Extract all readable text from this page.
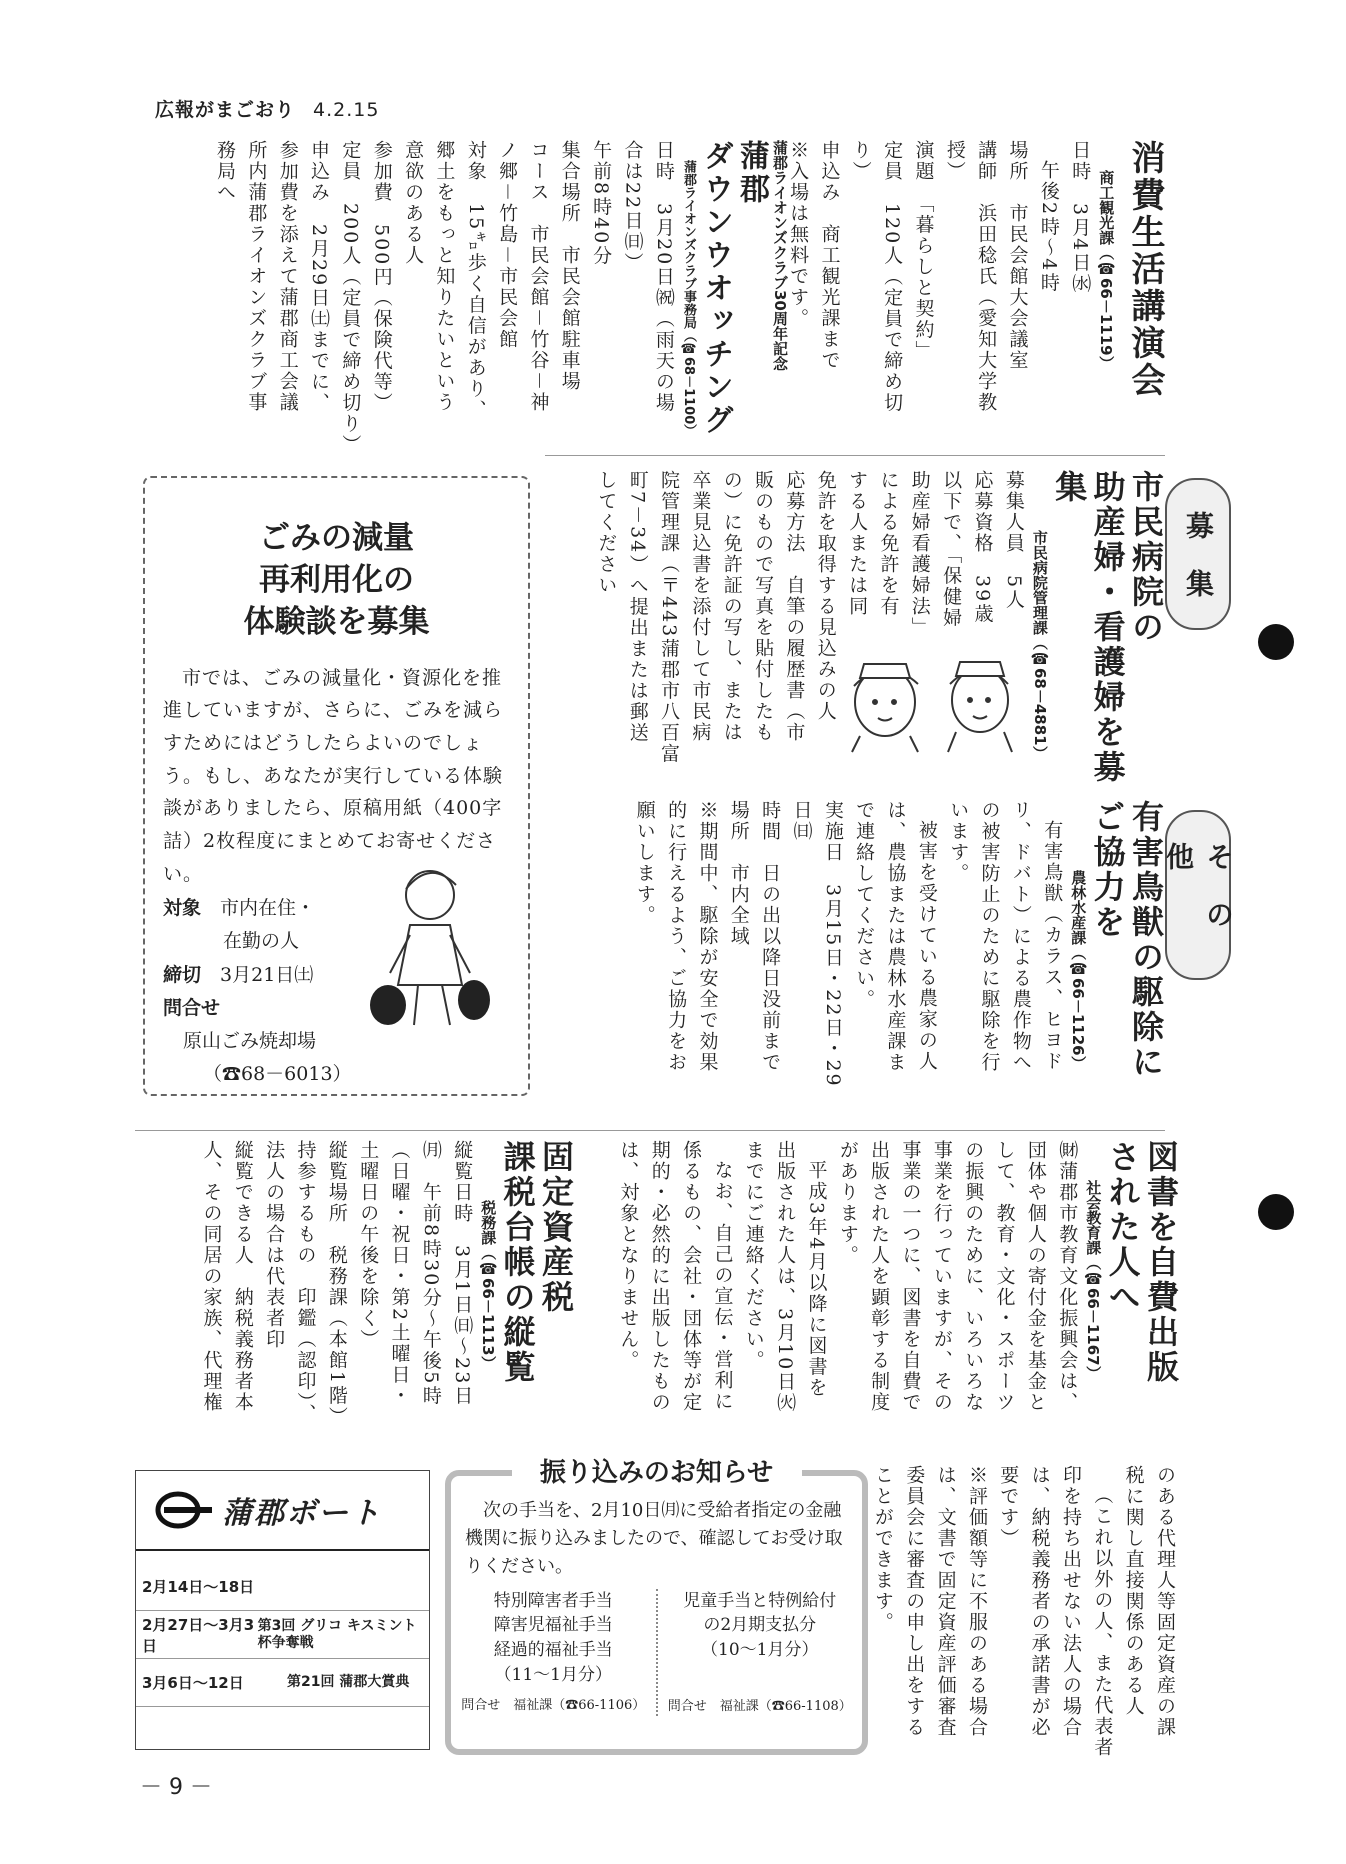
広報がまごおり 4.2.15
募集
その他
消費生活講演会
商工観光課（☎66－1119）

日時　3月4日㈬

午後2時～4時

場所　市民会館大会議室

講師　浜田稔氏（愛知大学教

授）

演題　「暮らしと契約」

定員　120人（定員で締め切り）

申込み　商工観光課まで

※入場は無料です。

蒲郡ライオンズクラブ30周年記念
蒲郡
ダウンウオッチング
蒲郡ライオンズクラブ事務局（☎68－1100）

日時　3月20日㈷（雨天の場

合は22日㈰）

午前8時40分

集合場所　市民会館駐車場

コース　市民会館－竹谷－神

ノ郷－竹島－市民会館

対象　15㌔歩く自信があり、

郷土をもっと知りたいという

意欲のある人

参加費　500円（保険代等）

定員　200人（定員で締め切り）

申込み　2月29日㈯までに、

参加費を添えて蒲郡商工会議

所内蒲郡ライオンズクラブ事

務局へ

市民病院の
助産婦・看護婦を募集
市民病院管理課（☎68－4881）

募集人員　5人

応募資格　39歳

以下で、「保健婦

助産婦看護婦法」

による免許を有

する人または同

免許を取得する見込みの人

応募方法　自筆の履歴書（市

販のもので写真を貼付したも

の）に免許証の写し、または

卒業見込書を添付して市民病

院管理課（〒443蒲郡市八百富

町7－34）へ提出または郵送

してください

ごみの減量
再利用化の
体験談を募集
市では、ごみの減量化・資源化を推進していますが、さらに、ごみを減らすためにはどうしたらよいのでしょう。もし、あなたが実行している体験談がありましたら、原稿用紙（400字詰）2枚程度にまとめてお寄せください。
対象　 市内在住・
在勤の人
締切　 3月21日㈯
問合せ
原山ごみ焼却場
（☎68－6013）	有害鳥獣の駆除に
ご協力を
農林水産課（☎66－1126）

有害鳥獣（カラス、ヒヨド

リ、ドバト）による農作物へ

の被害防止のために駆除を行

います。

被害を受けている農家の人

は、農協または農林水産課ま

で連絡してください。

実施日　3月15日・22日・29

日㈰

時間　日の出以降日没前まで

場所　市内全域

※期間中、駆除が安全で効果

的に行えるよう、ご協力をお

願いします。

図書を自費出版
された人へ
社会教育課（☎66－1167）

㈶蒲郡市教育文化振興会は、

団体や個人の寄付金を基金と

して、教育・文化・スポーツ

の振興のために、いろいろな

事業を行っていますが、その

事業の一つに、図書を自費で

出版された人を顕彰する制度

があります。

平成3年4月以降に図書を

出版された人は、3月10日㈫

までにご連絡ください。

なお、自己の宣伝・営利に

係るもの、会社・団体等が定

期的・必然的に出版したもの

は、対象となりません。

固定資産税
課税台帳の縦覧
税務課（☎66－1113）

縦覧日時　3月1日㈰～23日

㈪　午前8時30分～午後5時

（日曜・祝日・第2土曜日・

土曜日の午後を除く）

縦覧場所　税務課（本館1階）

持参するもの　印鑑（認印）、

法人の場合は代表者印

縦覧できる人　納税義務者本

人、その同居の家族、代理権

のある代理人等固定資産の課

税に関し直接関係のある人

（これ以外の人、また代表者

印を持ち出せない法人の場合

は、納税義務者の承諾書が必

要です）

※評価額等に不服のある場合

は、文書で固定資産評価審査

委員会に審査の申し出をする

ことができます。

蒲郡ボート
2月14日～18日
2月27日～3月3日
第3回 グリコ キスミント杯争奪戦
3月6日～12日	第21回 蒲郡大賞典
振り込みのお知らせ
次の手当を、2月10日㈪に受給者指定の金融機関に振り込みましたので、確認してお受け取りください。
特別障害者手当
障害児福祉手当
経過的福祉手当
（11～1月分）
問合せ　福祉課（☎66-1106）
児童手当と特例給付
の2月期支払分
（10～1月分）
問合せ　福祉課（☎66-1108）
－ 9 －
